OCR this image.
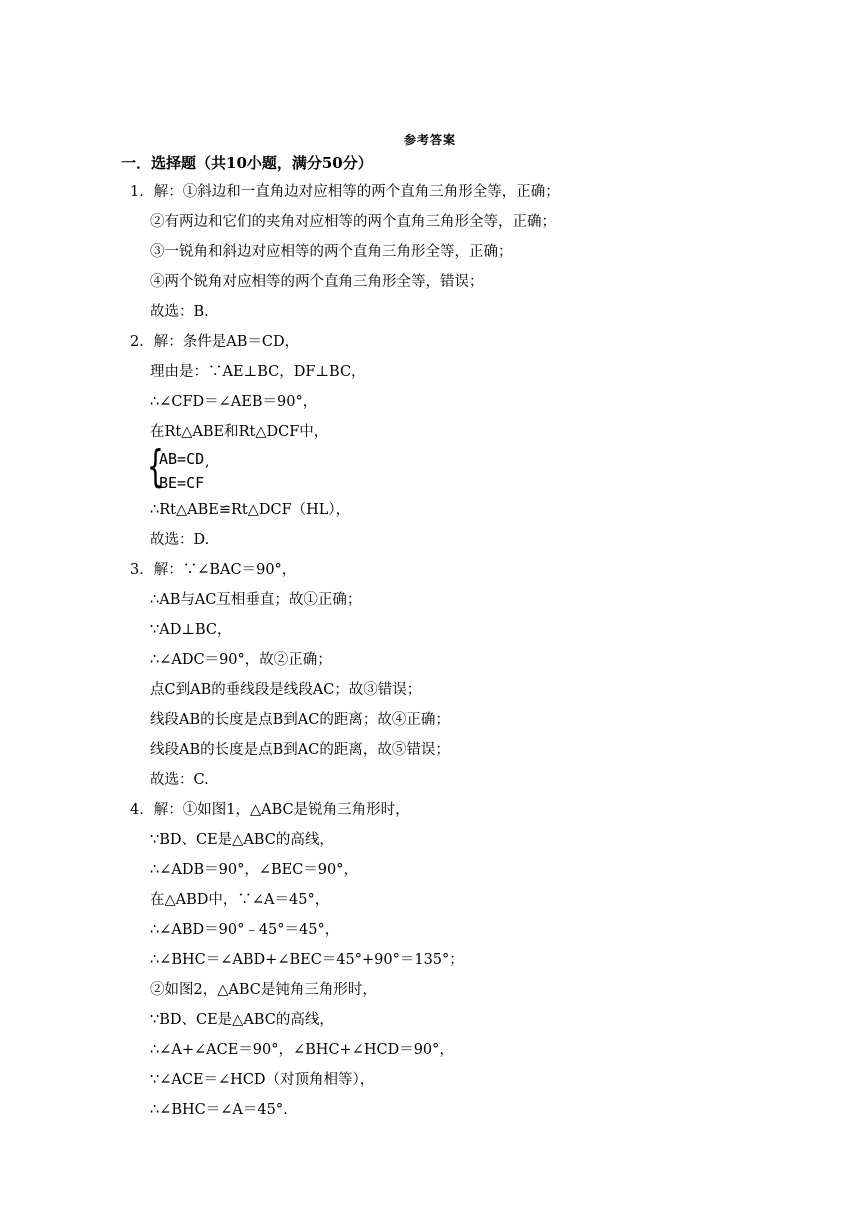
参考答案
一．选择题（共10小题，满分50分）
1．解：①斜边和一直角边对应相等的两个直角三角形全等，正确；
②有两边和它们的夹角对应相等的两个直角三角形全等，正确；
③一锐角和斜边对应相等的两个直角三角形全等，正确；
④两个锐角对应相等的两个直角三角形全等，错误；
故选：B.
2．解：条件是AB＝CD，
理由是：∵AE⊥BC，DF⊥BC，
∴∠CFD＝∠AEB＝90°，
在Rt△ABE和Rt△DCF中，
∴Rt△ABE≌Rt△DCF（HL），
故选：D.
3．解：∵∠BAC＝90°，
∴AB与AC互相垂直；故①正确；
∵AD⊥BC，
∴∠ADC＝90°，故②正确；
点C到AB的垂线段是线段AC；故③错误；
线段AB的长度是点B到AC的距离；故④正确；
线段AB的长度是点B到AC的距离，故⑤错误；
故选：C.
4．解：①如图1，△ABC是锐角三角形时，
∵BD、CE是△ABC的高线，
∴∠ADB＝90°，∠BEC＝90°，
在△ABD中，∵∠A＝45°，
∴∠ABD＝90°﹣45°＝45°，
∴∠BHC＝∠ABD+∠BEC＝45°+90°＝135°；
②如图2，△ABC是钝角三角形时，
∵BD、CE是△ABC的高线，
∴∠A+∠ACE＝90°，∠BHC+∠HCD＝90°，
∵∠ACE＝∠HCD（对顶角相等），
∴∠BHC＝∠A＝45°.
{
AB=CD
BE=CF
,
